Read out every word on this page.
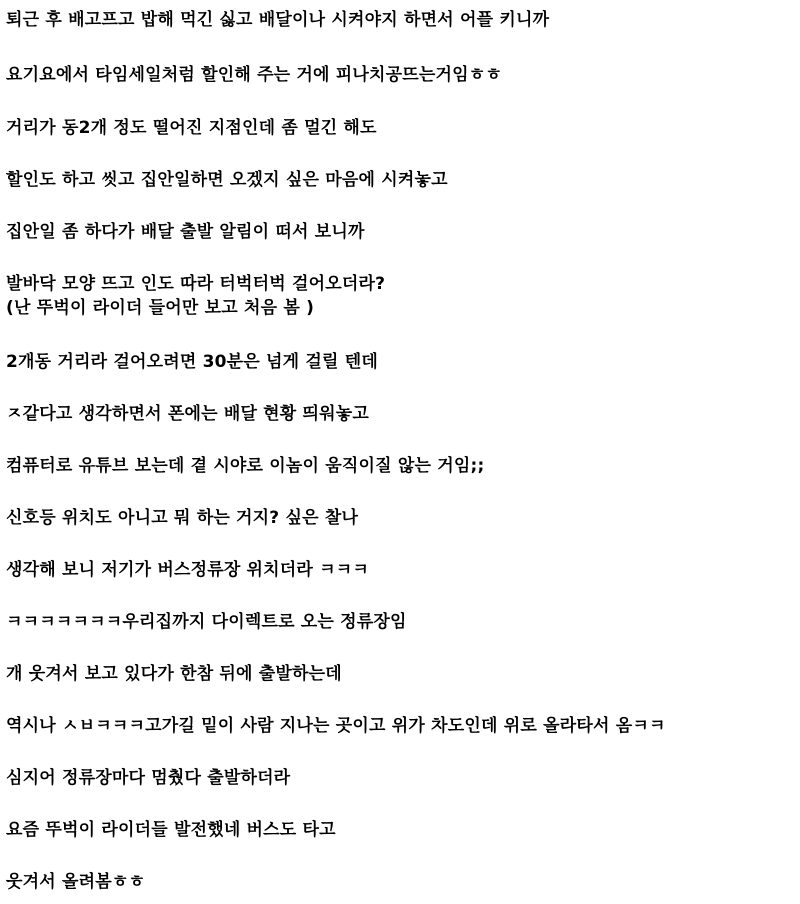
퇴근 후 배고프고 밥해 먹긴 싫고 배달이나 시켜야지 하면서 어플 키니까

요기요에서 타임세일처럼 할인해 주는 거에 피나치공뜨는거임ㅎㅎ

거리가 동2개 정도 떨어진 지점인데 좀 멀긴 해도

할인도 하고 씻고 집안일하면 오겠지 싶은 마음에 시켜놓고

집안일 좀 하다가 배달 출발 알림이 떠서 보니까

발바닥 모양 뜨고 인도 따라 터벅터벅 걸어오더라?

(난 뚜벅이 라이더 들어만 보고 처음 봄 )

2개동 거리라 걸어오려면 30분은 넘게 걸릴 텐데

ㅈ같다고 생각하면서 폰에는 배달 현황 띄워놓고

컴퓨터로 유튜브 보는데 곁 시야로 이놈이 움직이질 않는 거임;;

신호등 위치도 아니고 뭐 하는 거지? 싶은 찰나

생각해 보니 저기가 버스정류장 위치더라 ㅋㅋㅋ

ㅋㅋㅋㅋㅋㅋㅋ우리집까지 다이렉트로 오는 정류장임

개 웃겨서 보고 있다가 한참 뒤에 출발하는데

역시나 ㅅㅂㅋㅋㅋ고가길 밑이 사람 지나는 곳이고 위가 차도인데 위로 올라타서 옴ㅋㅋ

심지어 정류장마다 멈췄다 출발하더라

요즘 뚜벅이 라이더들 발전했네 버스도 타고

웃겨서 올려봄ㅎㅎ
